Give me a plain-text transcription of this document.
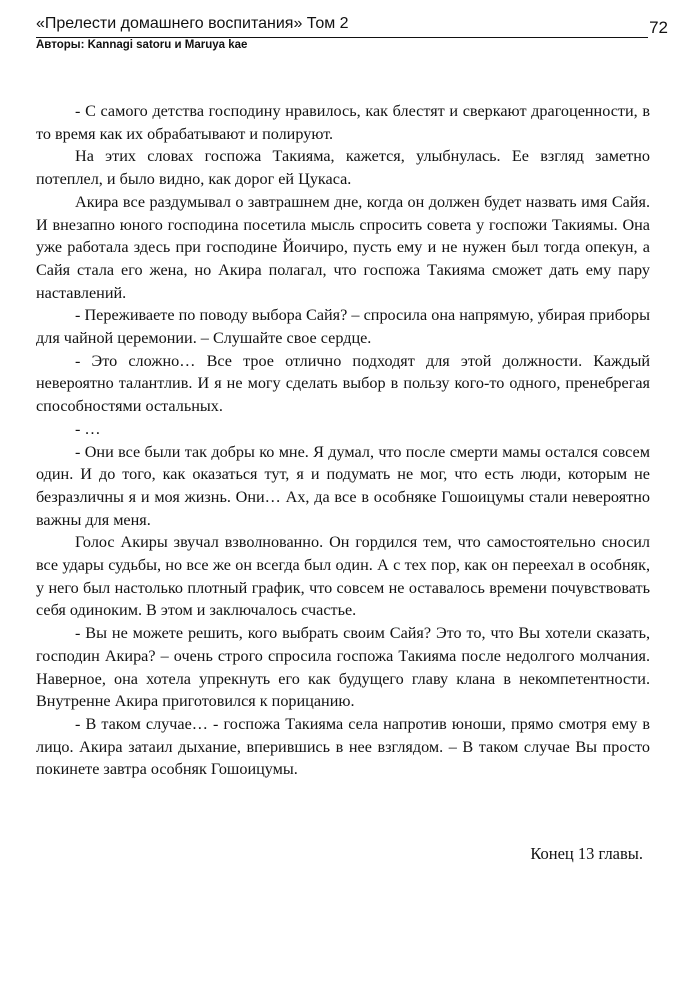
«Прелести домашнего воспитания» Том 2
Авторы: Kannagi satoru и Maruya kae
72

- С самого детства господину нравилось, как блестят и сверкают драгоценности, в то время как их обрабатывают и полируют.

На этих словах госпожа Такияма, кажется, улыбнулась. Ее взгляд заметно потеплел, и было видно, как дорог ей Цукаса.

Акира все раздумывал о завтрашнем дне, когда он должен будет назвать имя Сайя. И внезапно юного господина посетила мысль спросить совета у госпожи Такиямы. Она уже работала здесь при господине Йоичиро, пусть ему и не нужен был тогда опекун, а Сайя стала его жена, но Акира полагал, что госпожа Такияма сможет дать ему пару наставлений.

- Переживаете по поводу выбора Сайя? – спросила она напрямую, убирая приборы для чайной церемонии. – Слушайте свое сердце.

- Это сложно… Все трое отлично подходят для этой должности. Каждый невероятно талантлив. И я не могу сделать выбор в пользу кого-то одного, пренебрегая способностями остальных.

- …

- Они все были так добры ко мне. Я думал, что после смерти мамы остался совсем один. И до того, как оказаться тут, я и подумать не мог, что есть люди, которым не безразличны я и моя жизнь. Они… Ах, да все в особняке Гошоицумы стали невероятно важны для меня.

Голос Акиры звучал взволнованно. Он гордился тем, что самостоятельно сносил все удары судьбы, но все же он всегда был один. А с тех пор, как он переехал в особняк, у него был настолько плотный график, что совсем не оставалось времени почувствовать себя одиноким. В этом и заключалось счастье.

- Вы не можете решить, кого выбрать своим Сайя? Это то, что Вы хотели сказать, господин Акира? – очень строго спросила госпожа Такияма после недолгого молчания. Наверное, она хотела упрекнуть его как будущего главу клана в некомпетентности. Внутренне Акира приготовился к порицанию.

- В таком случае… - госпожа Такияма села напротив юноши, прямо смотря ему в лицо. Акира затаил дыхание, вперившись в нее взглядом. – В таком случае Вы просто покинете завтра особняк Гошоицумы.

Конец 13 главы.
